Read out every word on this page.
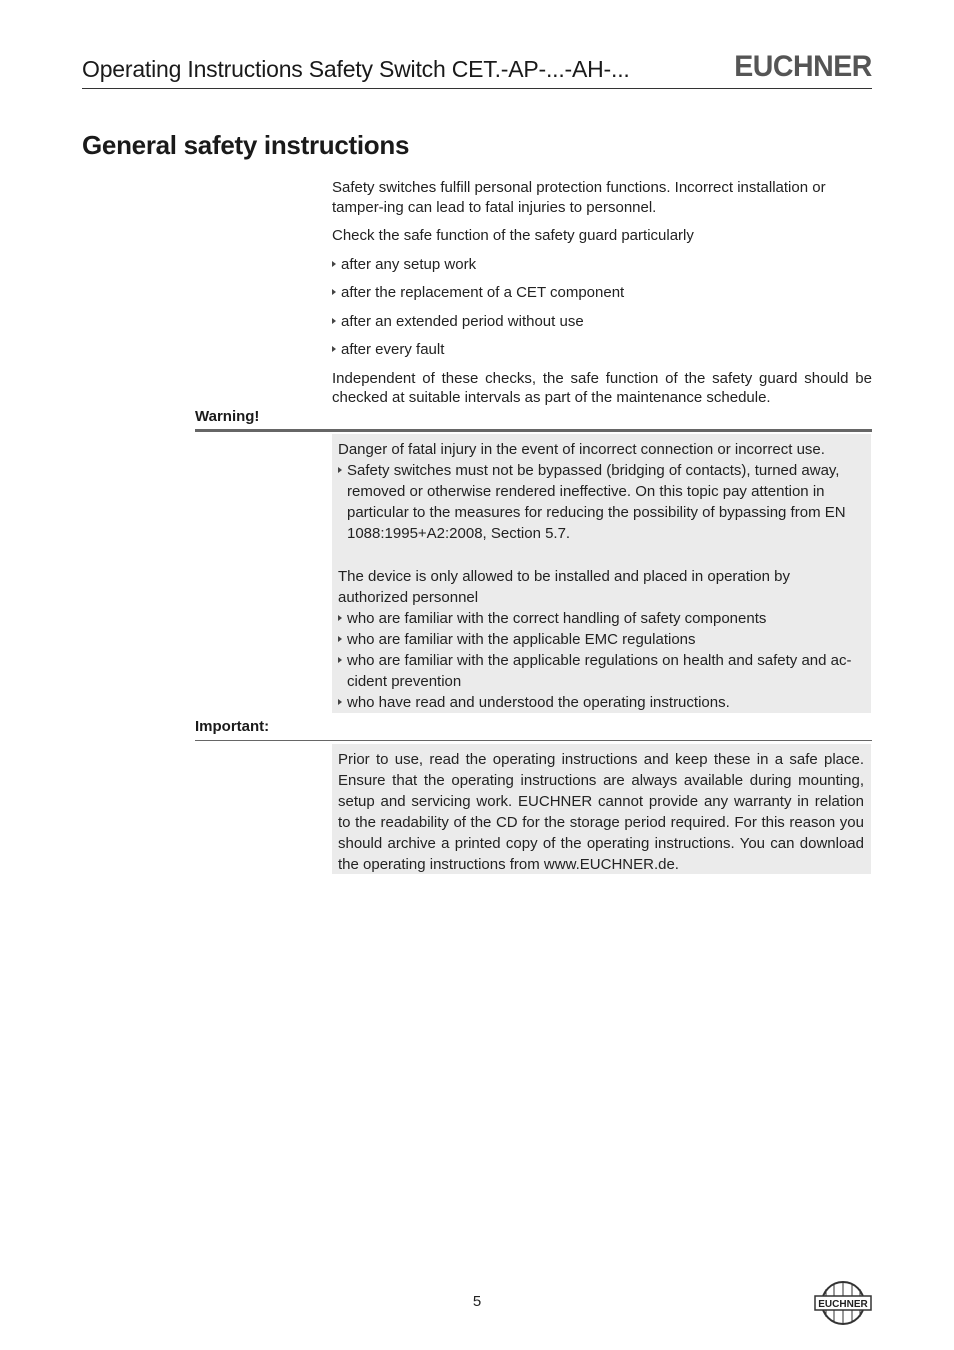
Operating Instructions Safety Switch CET.-AP-...-AH-...	EUCHNER
General safety instructions

Safety switches fulfill personal protection functions. Incorrect installation or tamper-ing can lead to fatal injuries to personnel.

Check the safe function of the safety guard particularly

after any setup work
after the replacement of a CET component
after an extended period without use
after every fault

Independent of these checks, the safe function of the safety guard should be checked at suitable intervals as part of the maintenance schedule.

Warning!

Danger of fatal injury in the event of incorrect connection or incorrect use.

Safety switches must not be bypassed (bridging of contacts), turned away, removed or otherwise rendered ineffective. On this topic pay attention in particular to the measures for reducing the possibility of bypassing from EN 1088:1995+A2:2008, Section 5.7.

The device is only allowed to be installed and placed in operation by authorized personnel

who are familiar with the correct handling of safety components
who are familiar with the applicable EMC regulations
who are familiar with the applicable regulations on health and safety and ac-cident prevention
who have read and understood the operating instructions.
Important:

Prior to use, read the operating instructions and keep these in a safe place. Ensure that the operating instructions are always available during mounting, setup and servicing work. EUCHNER cannot provide any warranty in relation to the readability of the CD for the storage period required. For this reason you should archive a printed copy of the operating instructions. You can download the operating instructions from www.EUCHNER.de.

5	EUCHNER
